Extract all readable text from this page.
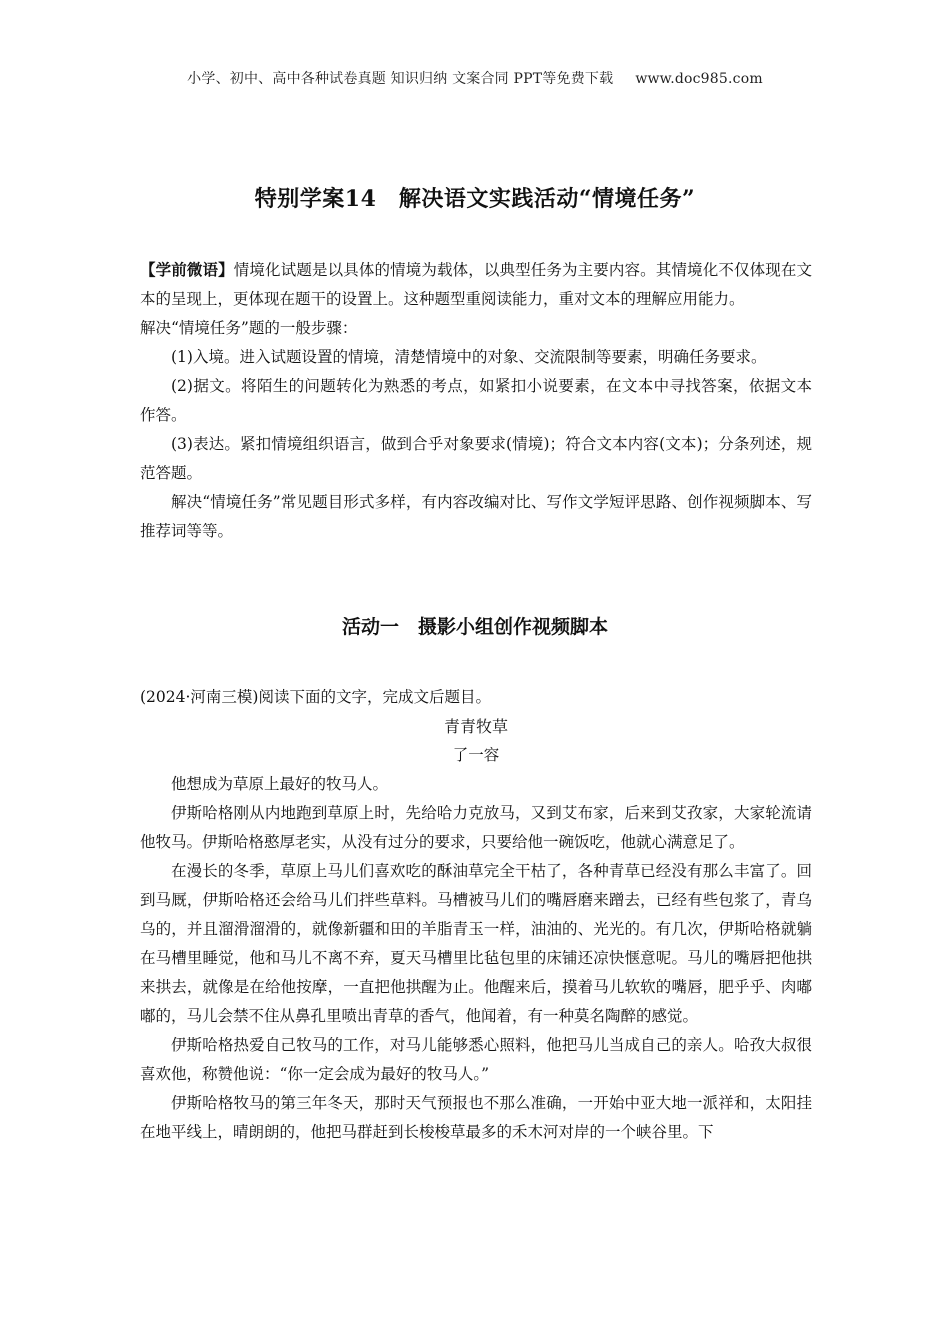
小学、初中、高中各种试卷真题 知识归纳 文案合同 PPT等免费下载 www.doc985.com
特别学案14　解决语文实践活动“情境任务”

【学前微语】情境化试题是以具体的情境为载体，以典型任务为主要内容。其情境化不仅体现在文本的呈现上，更体现在题干的设置上。这种题型重阅读能力，重对文本的理解应用能力。

解决“情境任务”题的一般步骤：

(1)入境。进入试题设置的情境，清楚情境中的对象、交流限制等要素，明确任务要求。

(2)据文。将陌生的问题转化为熟悉的考点，如紧扣小说要素，在文本中寻找答案，依据文本作答。

(3)表达。紧扣情境组织语言，做到合乎对象要求(情境)；符合文本内容(文本)；分条列述，规范答题。

解决“情境任务”常见题目形式多样，有内容改编对比、写作文学短评思路、创作视频脚本、写推荐词等等。

活动一　摄影小组创作视频脚本

(2024·河南三模)阅读下面的文字，完成文后题目。

青青牧草

了一容

他想成为草原上最好的牧马人。

伊斯哈格刚从内地跑到草原上时，先给哈力克放马，又到艾布家，后来到艾孜家，大家轮流请他牧马。伊斯哈格憨厚老实，从没有过分的要求，只要给他一碗饭吃，他就心满意足了。

在漫长的冬季，草原上马儿们喜欢吃的酥油草完全干枯了，各种青草已经没有那么丰富了。回到马厩，伊斯哈格还会给马儿们拌些草料。马槽被马儿们的嘴唇磨来蹭去，已经有些包浆了，青乌乌的，并且溜滑溜滑的，就像新疆和田的羊脂青玉一样，油油的、光光的。有几次，伊斯哈格就躺在马槽里睡觉，他和马儿不离不弃，夏天马槽里比毡包里的床铺还凉快惬意呢。马儿的嘴唇把他拱来拱去，就像是在给他按摩，一直把他拱醒为止。他醒来后，摸着马儿软软的嘴唇，肥乎乎、肉嘟嘟的，马儿会禁不住从鼻孔里喷出青草的香气，他闻着，有一种莫名陶醉的感觉。

伊斯哈格热爱自己牧马的工作，对马儿能够悉心照料，他把马儿当成自己的亲人。哈孜大叔很喜欢他，称赞他说：“你一定会成为最好的牧马人。”

伊斯哈格牧马的第三年冬天，那时天气预报也不那么准确，一开始中亚大地一派祥和，太阳挂在地平线上，晴朗朗的，他把马群赶到长梭梭草最多的禾木河对岸的一个峡谷里。下
